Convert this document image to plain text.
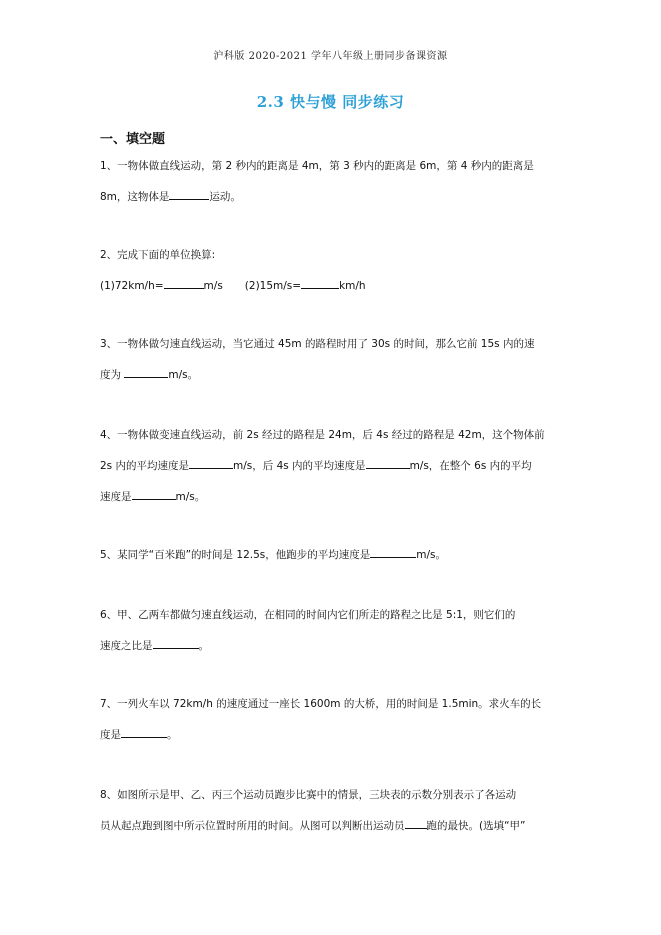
沪科版 2020-2021 学年八年级上册同步备课资源
2.3 快与慢 同步练习
一、填空题
1、一物体做直线运动，第 2 秒内的距离是 4m，第 3 秒内的距离是 6m，第 4 秒内的距离是
8m，这物体是	运动。
2、完成下面的单位换算:
(1)72km/h=	m/s (2)15m/s=	km/h
3、一物体做匀速直线运动，当它通过 45m 的路程时用了 30s 的时间，那么它前 15s 内的速
度为	m/s。
4、一物体做变速直线运动，前 2s 经过的路程是 24m，后 4s 经过的路程是 42m，这个物体前
2s 内的平均速度是	m/s，后 4s 内的平均速度是	m/s，在整个 6s 内的平均
速度是	m/s。
5、某同学“百米跑”的时间是 12.5s，他跑步的平均速度是	m/s。
6、甲、乙两车都做匀速直线运动，在相同的时间内它们所走的路程之比是 5:1，则它们的
速度之比是	。
7、一列火车以 72km/h 的速度通过一座长 1600m 的大桥，用的时间是 1.5min。求火车的长
度是	。
8、如图所示是甲、乙、丙三个运动员跑步比赛中的情景，三块表的示数分别表示了各运动
员从起点跑到图中所示位置时所用的时间。从图可以判断出运动员 跑的最快。(选填“甲”
